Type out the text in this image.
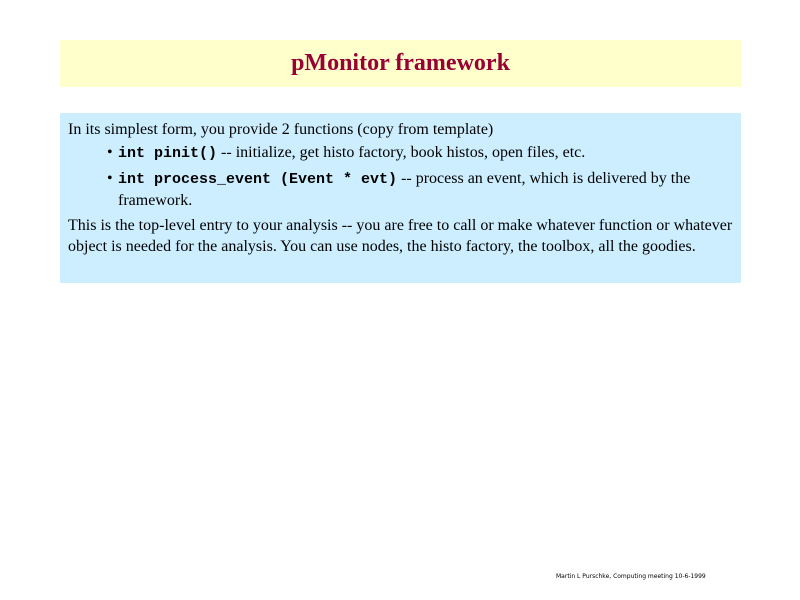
pMonitor framework

In its simplest form, you provide 2 functions (copy from template)

• int pinit() -- initialize, get histo factory, book histos, open files, etc.
• int process_event (Event * evt) -- process an event, which is delivered by the framework.

This is the top-level entry to your analysis -- you are free to call or make whatever function or whatever object is needed for the analysis. You can use nodes, the histo factory, the toolbox, all the goodies.

Martin L Purschke, Computing meeting 10-6-1999
